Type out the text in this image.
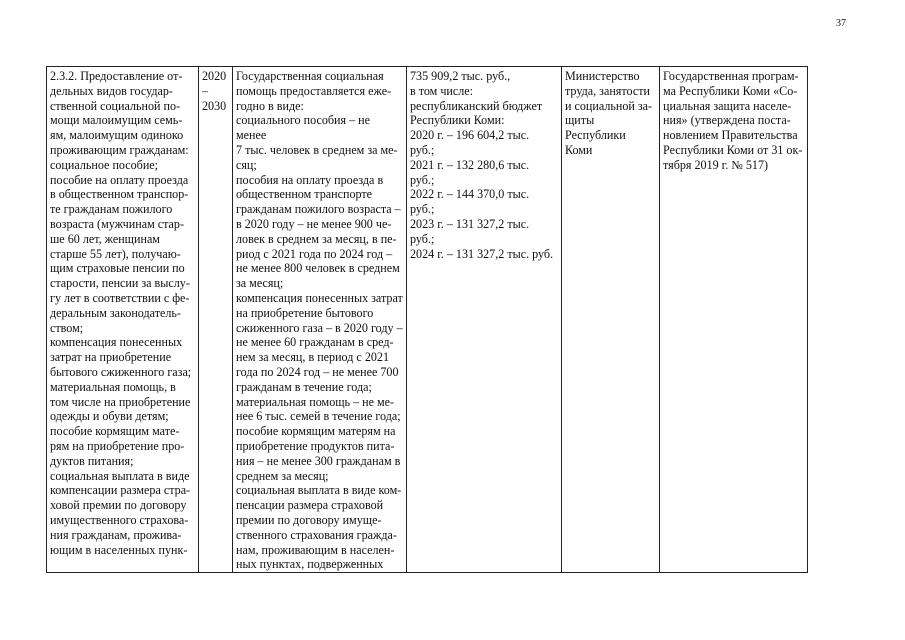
37
2.3.2. Предоставление от-
дельных видов государ-
ственной социальной по-
мощи малоимущим семь-
ям, малоимущим одиноко
проживающим гражданам:
социальное пособие;
пособие на оплату проезда
в общественном транспор-
те гражданам пожилого
возраста (мужчинам стар-
ше 60 лет, женщинам
старше 55 лет), получаю-
щим страховые пенсии по
старости, пенсии за выслу-
гу лет в соответствии с фе-
деральным законодатель-
ством;
компенсация понесенных
затрат на приобретение
бытового сжиженного газа;
материальная помощь, в
том числе на приобретение
одежды и обуви детям;
пособие кормящим мате-
рям на приобретение про-
дуктов питания;
социальная выплата в виде
компенсации размера стра-
ховой премии по договору
имущественного страхова-
ния гражданам, прожива-
ющим в населенных пунк-

2020 –
2030

Государственная социальная
помощь предоставляется еже-
годно в виде:
социального пособия – не менее
7 тыс. человек в среднем за ме-
сяц;
пособия на оплату проезда в
общественном транспорте
гражданам пожилого возраста –
в 2020 году – не менее 900 че-
ловек в среднем за месяц, в пе-
риод с 2021 года по 2024 год –
не менее 800 человек в среднем
за месяц;
компенсация понесенных затрат
на приобретение бытового
сжиженного газа – в 2020 году –
не менее 60 гражданам в сред-
нем за месяц, в период с 2021
года по 2024 год – не менее 700
гражданам в течение года;
материальная помощь – не ме-
нее 6 тыс. семей в течение года;
пособие кормящим матерям на
приобретение продуктов пита-
ния – не менее 300 гражданам в
среднем за месяц;
социальная выплата в виде ком-
пенсации размера страховой
премии по договору имуще-
ственного страхования гражда-
нам, проживающим в населен-
ных пунктах, подверженных

735 909,2 тыс. руб.,
в том числе:
республиканский бюджет
Республики Коми:
2020 г. – 196 604,2 тыс.
руб.;
2021 г. – 132 280,6 тыс.
руб.;
2022 г. – 144 370,0 тыс.
руб.;
2023 г. – 131 327,2 тыс.
руб.;
2024 г. – 131 327,2 тыс. руб.

Министерство
труда, занятости
и социальной за-
щиты Республики
Коми

Государственная програм-
ма Республики Коми «Со-
циальная защита населе-
ния» (утверждена поста-
новлением Правительства
Республики Коми от 31 ок-
тября 2019 г. № 517)
